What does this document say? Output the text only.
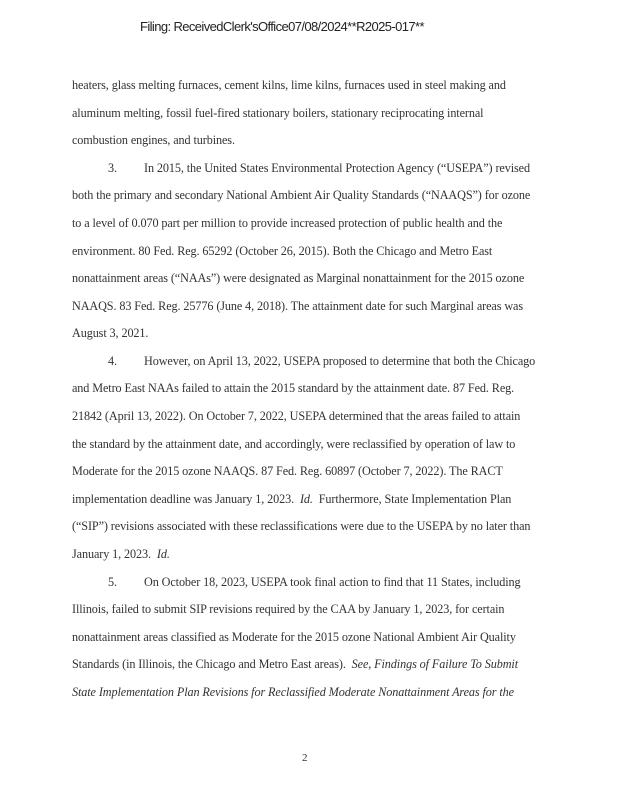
Filing: ReceivedClerk'sOffice07/08/2024**R2025-017**
heaters, glass melting furnaces, cement kilns, lime kilns, furnaces used in steel making and
aluminum melting, fossil fuel-fired stationary boilers, stationary reciprocating internal
combustion engines, and turbines.
3. In 2015, the United States Environmental Protection Agency (“USEPA”) revised
both the primary and secondary National Ambient Air Quality Standards (“NAAQS”) for ozone
to a level of 0.070 part per million to provide increased protection of public health and the
environment. 80 Fed. Reg. 65292 (October 26, 2015). Both the Chicago and Metro East
nonattainment areas (“NAAs”) were designated as Marginal nonattainment for the 2015 ozone
NAAQS. 83 Fed. Reg. 25776 (June 4, 2018). The attainment date for such Marginal areas was
August 3, 2021.
4. However, on April 13, 2022, USEPA proposed to determine that both the Chicago
and Metro East NAAs failed to attain the 2015 standard by the attainment date. 87 Fed. Reg.
21842 (April 13, 2022). On October 7, 2022, USEPA determined that the areas failed to attain
the standard by the attainment date, and accordingly, were reclassified by operation of law to
Moderate for the 2015 ozone NAAQS. 87 Fed. Reg. 60897 (October 7, 2022). The RACT
implementation deadline was January 1, 2023. Id. Furthermore, State Implementation Plan
(“SIP”) revisions associated with these reclassifications were due to the USEPA by no later than
January 1, 2023. Id.
5. On October 18, 2023, USEPA took final action to find that 11 States, including
Illinois, failed to submit SIP revisions required by the CAA by January 1, 2023, for certain
nonattainment areas classified as Moderate for the 2015 ozone National Ambient Air Quality
Standards (in Illinois, the Chicago and Metro East areas). See, Findings of Failure To Submit
State Implementation Plan Revisions for Reclassified Moderate Nonattainment Areas for the
2
